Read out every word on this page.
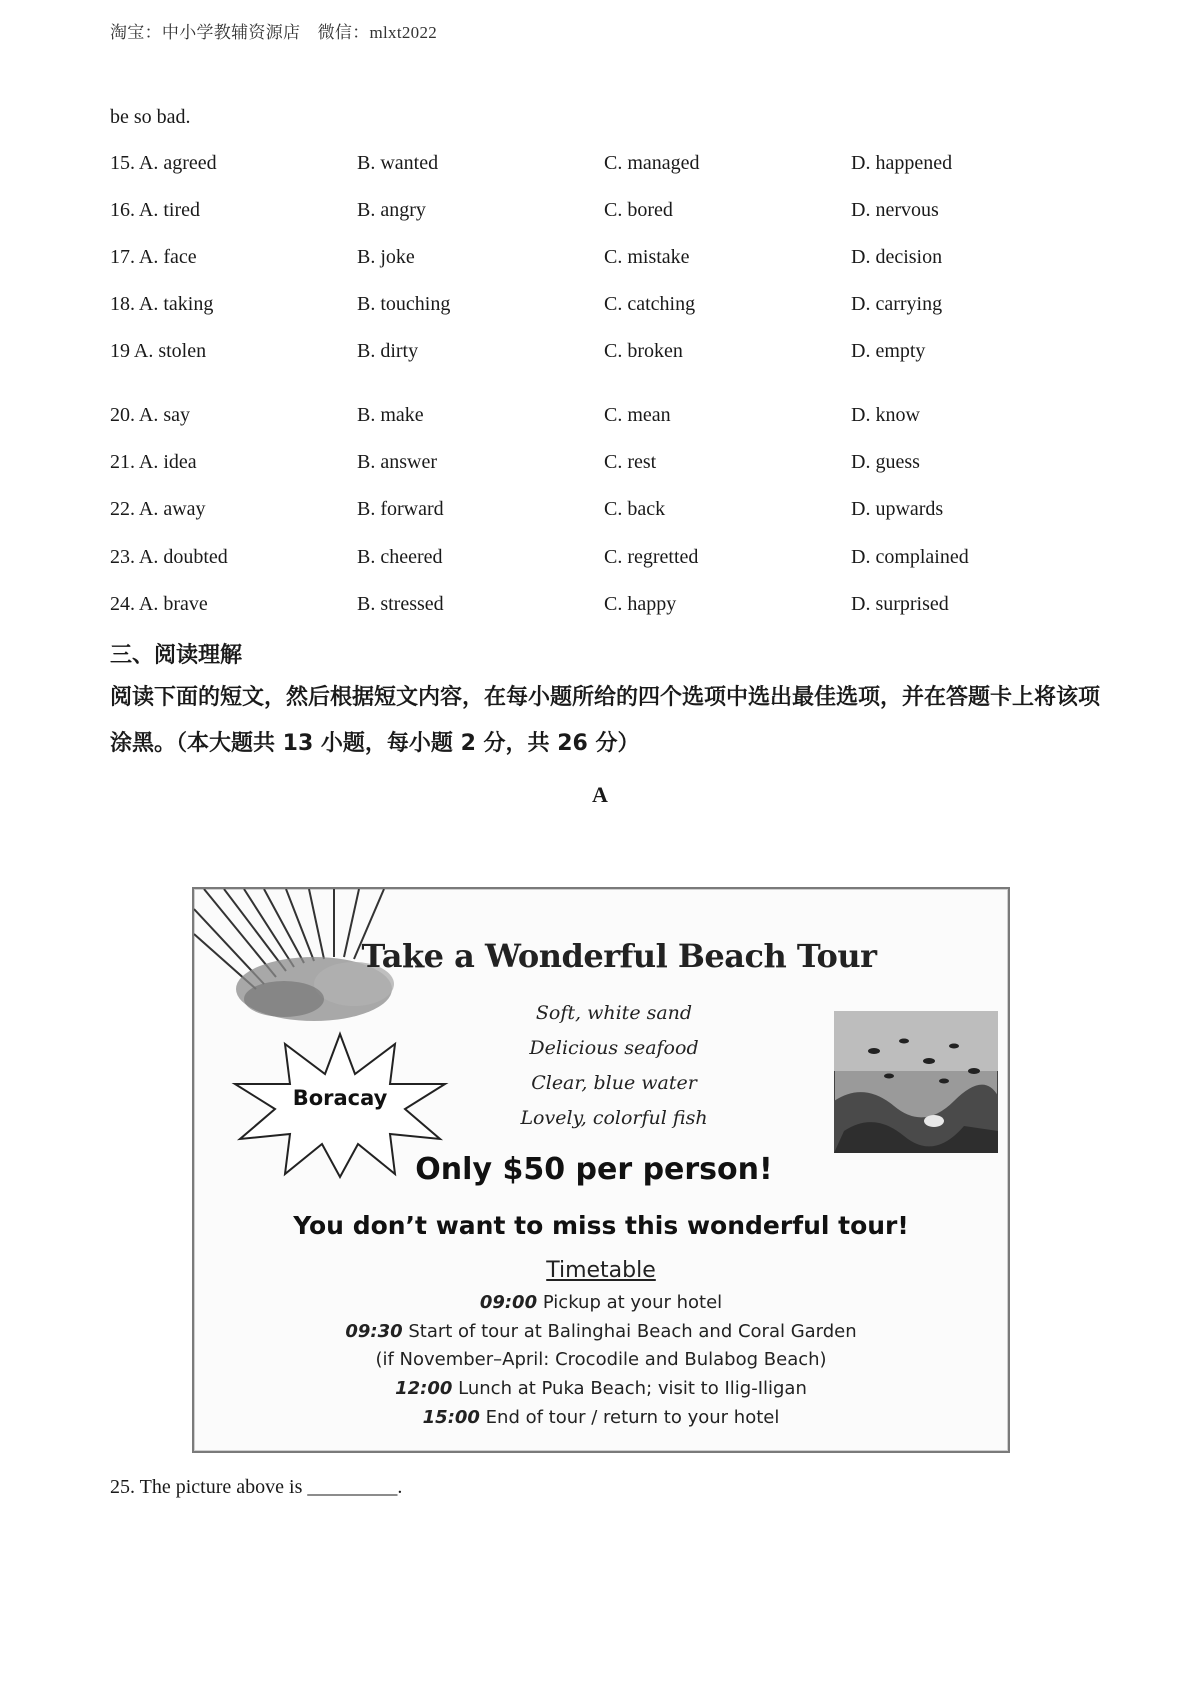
淘宝：中小学教辅资源店　微信：mlxt2022
be so bad.
15. A. agreed	B. wanted	C. managed	D. happened
16. A. tired	B. angry	C. bored	D. nervous
17. A. face	B. joke	C. mistake	D. decision
18. A. taking	B. touching	C. catching	D. carrying
19 A. stolen	B. dirty	C. broken	D. empty
20. A. say	B. make	C. mean	D. know
21. A. idea	B. answer	C. rest	D. guess
22. A. away	B. forward	C. back	D. upwards
23. A. doubted	B. cheered	C. regretted	D. complained
24. A. brave	B. stressed	C. happy	D. surprised
三、阅读理解
阅读下面的短文，然后根据短文内容，在每小题所给的四个选项中选出最佳选项，并在答题卡上将该项涂黑。（本大题共 13 小题，每小题 2 分，共 26 分）
A
Take a Wonderful Beach Tour
Soft, white sand
Delicious seafood
Clear, blue water
Lovely, colorful fish
Boracay
Only $50 per person!
You don’t want to miss this wonderful tour!
Timetable
09:00 Pickup at your hotel
09:30 Start of tour at Balinghai Beach and Coral Garden
(if November–April: Crocodile and Bulabog Beach)
12:00 Lunch at Puka Beach; visit to Ilig-Iligan
15:00 End of tour / return to your hotel
25. The picture above is _________.
